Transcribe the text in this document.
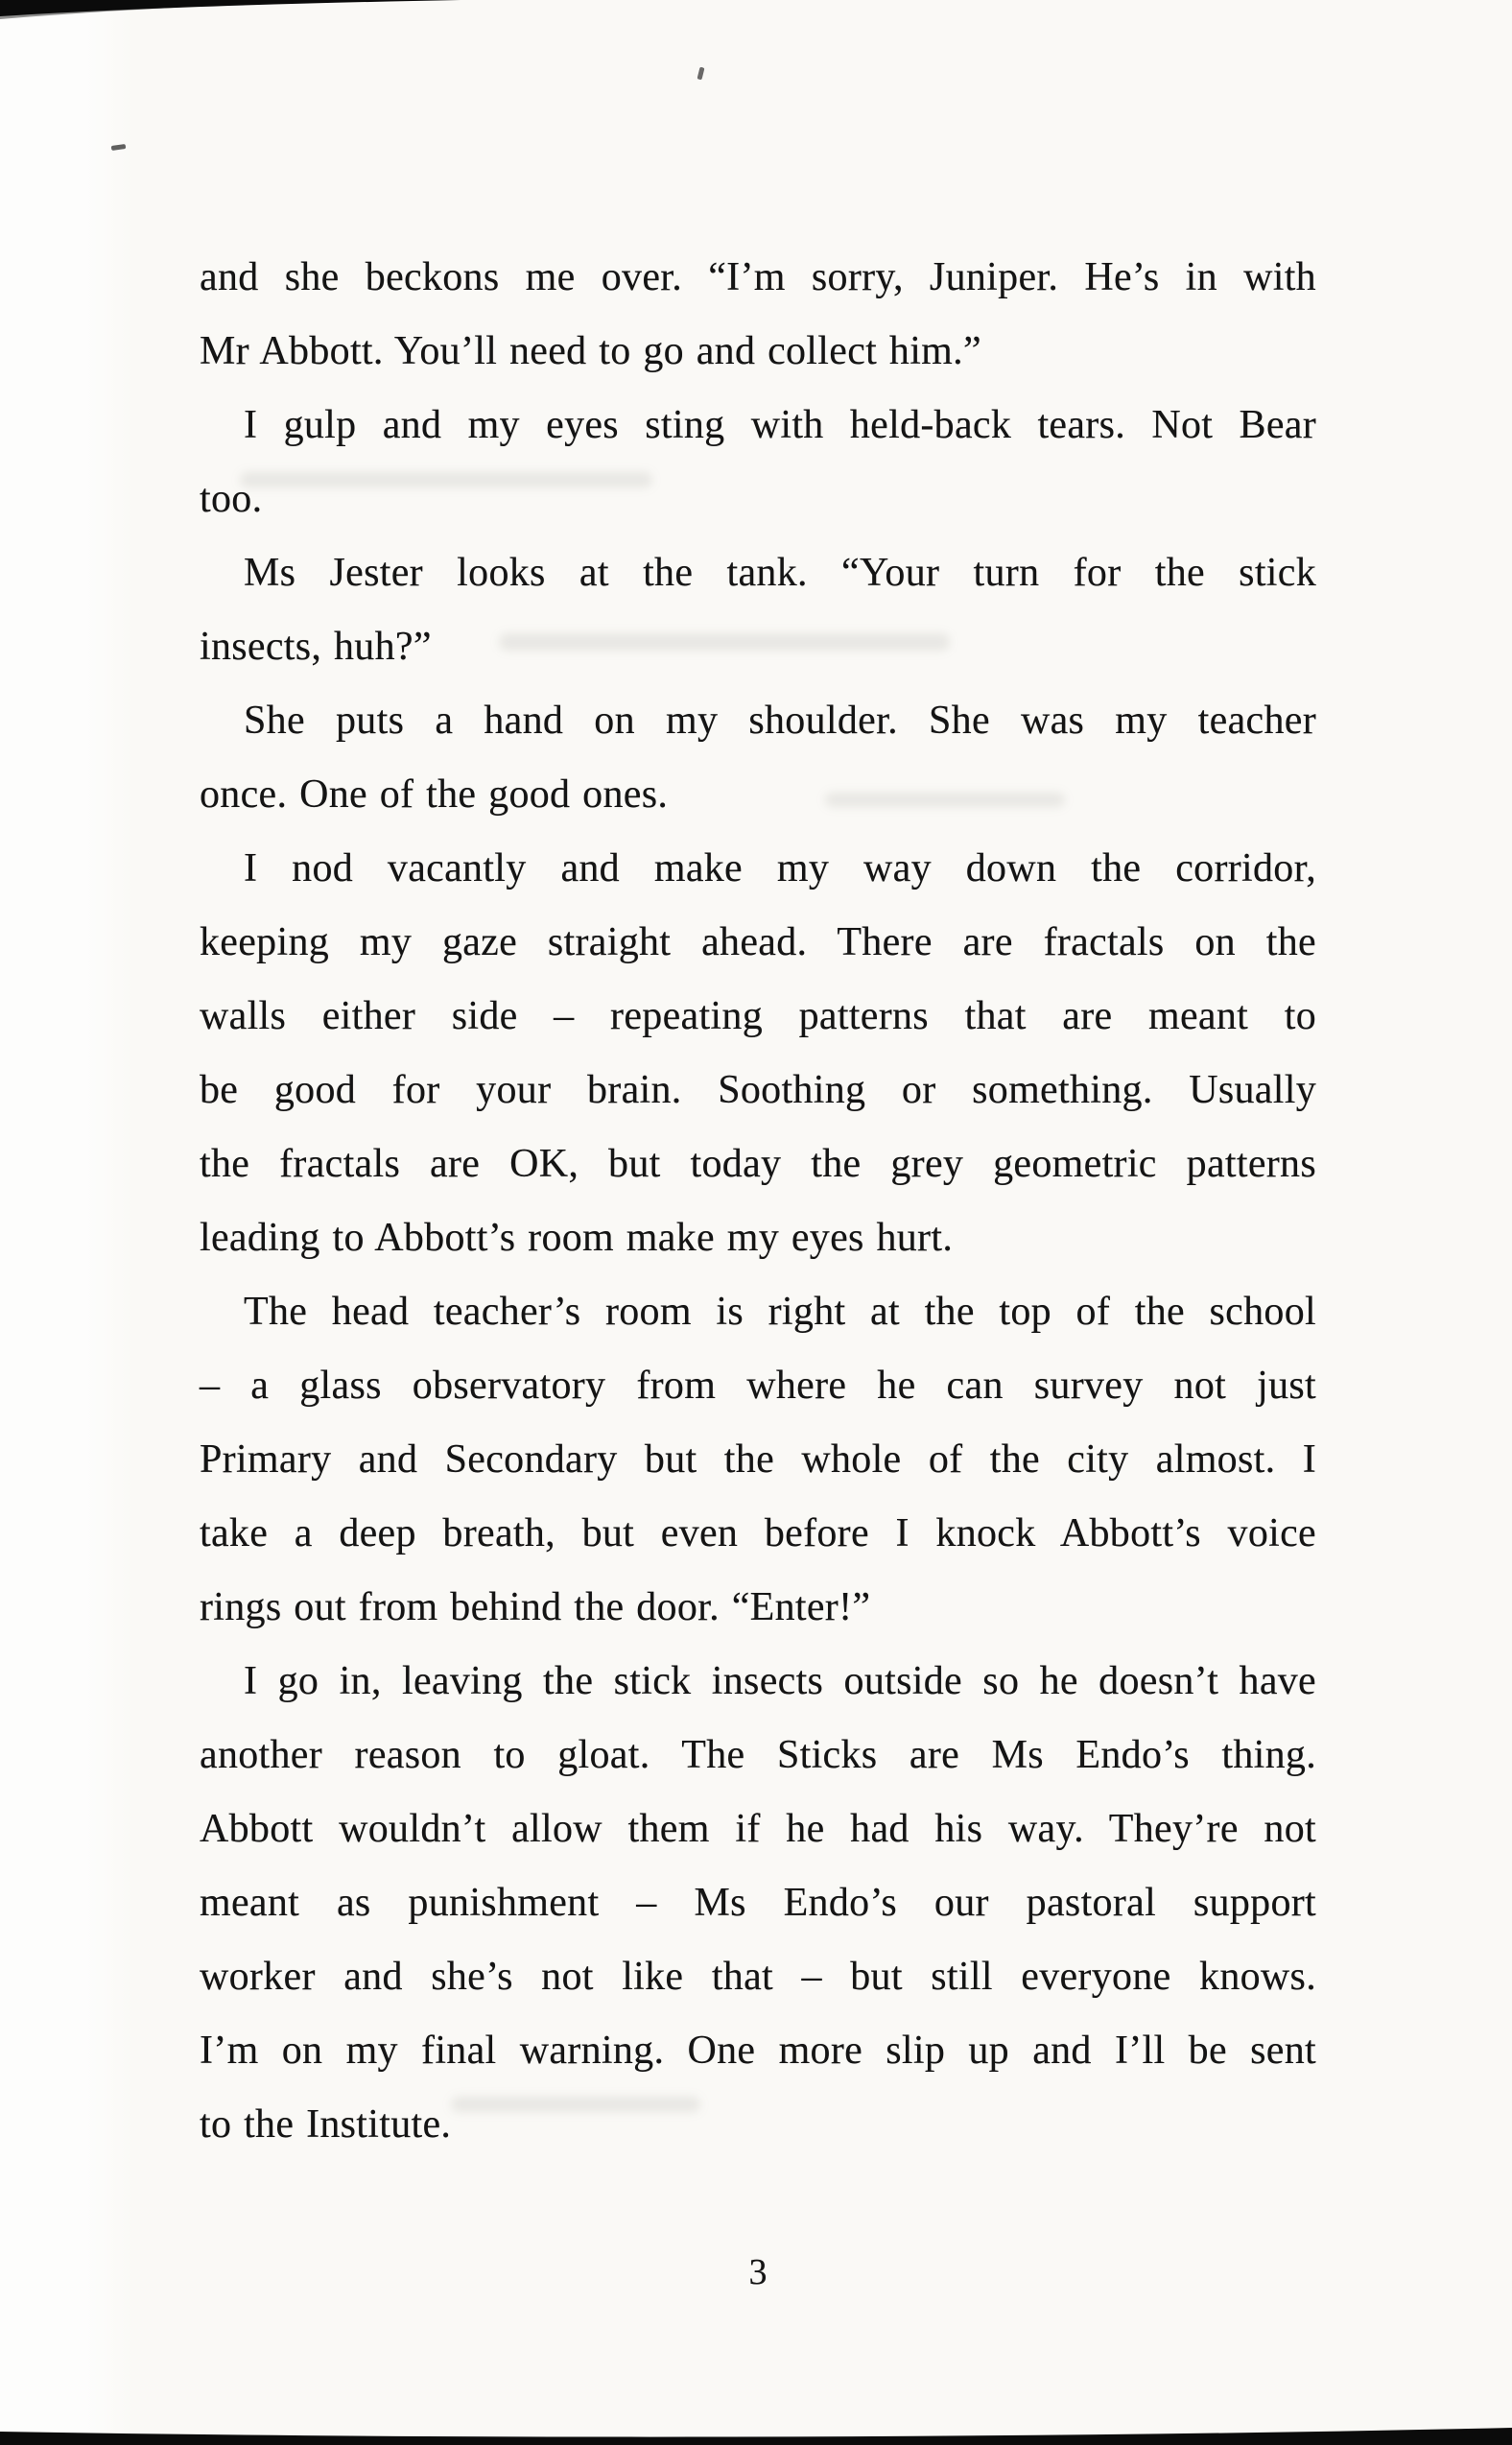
and she beckons me over. “I’m sorry, Juniper. He’s in with
Mr Abbott. You’ll need to go and collect him.”
I gulp and my eyes sting with held-back tears. Not Bear
too.
Ms Jester looks at the tank. “Your turn for the stick
insects, huh?”
She puts a hand on my shoulder. She was my teacher
once. One of the good ones.
I nod vacantly and make my way down the corridor,
keeping my gaze straight ahead. There are fractals on the
walls either side – repeating patterns that are meant to
be good for your brain. Soothing or something. Usually
the fractals are OK, but today the grey geometric patterns
leading to Abbott’s room make my eyes hurt.
The head teacher’s room is right at the top of the school
– a glass observatory from where he can survey not just
Primary and Secondary but the whole of the city almost. I
take a deep breath, but even before I knock Abbott’s voice
rings out from behind the door. “Enter!”
I go in, leaving the stick insects outside so he doesn’t have
another reason to gloat. The Sticks are Ms Endo’s thing.
Abbott wouldn’t allow them if he had his way. They’re not
meant as punishment – Ms Endo’s our pastoral support
worker and she’s not like that – but still everyone knows.
I’m on my final warning. One more slip up and I’ll be sent
to the Institute.
3
